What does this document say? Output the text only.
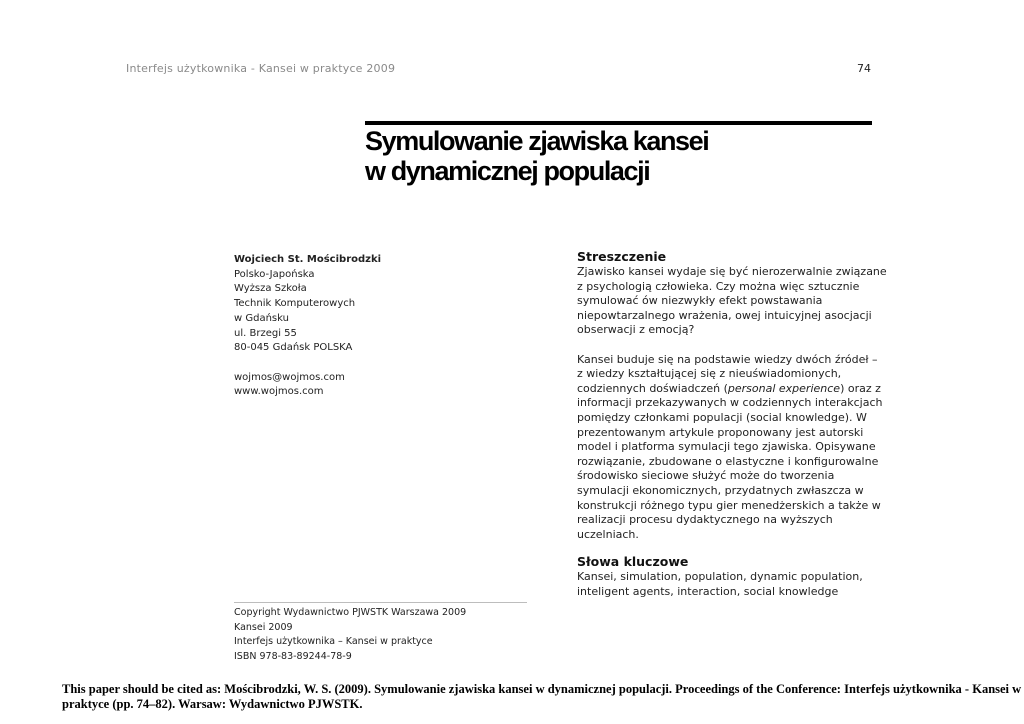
Interfejs użytkownika - Kansei w praktyce 2009	74
Symulowanie zjawiska kansei
w dynamicznej populacji
Wojciech St. Mościbrodzki
Polsko-Japońska
Wyższa Szkoła
Technik Komputerowych
w Gdańsku
ul. Brzegi 55
80-045 Gdańsk POLSKA
wojmos@wojmos.com
www.wojmos.com
Streszczenie

Zjawisko kansei wydaje się być nierozerwalnie związane
z psychologią człowieka. Czy można więc sztucznie
symulować ów niezwykły efekt powstawania
niepowtarzalnego wrażenia, owej intuicyjnej asocjacji
obserwacji z emocją?

Kansei buduje się na podstawie wiedzy dwóch źródeł –
z wiedzy kształtującej się z nieuświadomionych,
codziennych doświadczeń (personal experience) oraz z
informacji przekazywanych w codziennych interakcjach
pomiędzy członkami populacji (social knowledge). W
prezentowanym artykule proponowany jest autorski
model i platforma symulacji tego zjawiska. Opisywane
rozwiązanie, zbudowane o elastyczne i konfigurowalne
środowisko sieciowe służyć może do tworzenia
symulacji ekonomicznych, przydatnych zwłaszcza w
konstrukcji różnego typu gier menedżerskich a także w
realizacji procesu dydaktycznego na wyższych
uczelniach.

Słowa kluczowe
Kansei, simulation, population, dynamic population,
inteligent agents, interaction, social knowledge
Copyright Wydawnictwo PJWSTK Warszawa 2009
Kansei 2009
Interfejs użytkownika – Kansei w praktyce
ISBN 978-83-89244-78-9
This paper should be cited as: Mościbrodzki, W. S. (2009). Symulowanie zjawiska kansei w dynamicznej populacji. Proceedings of the Conference: Interfejs użytkownika - Kansei w
praktyce (pp. 74–82). Warsaw: Wydawnictwo PJWSTK.
